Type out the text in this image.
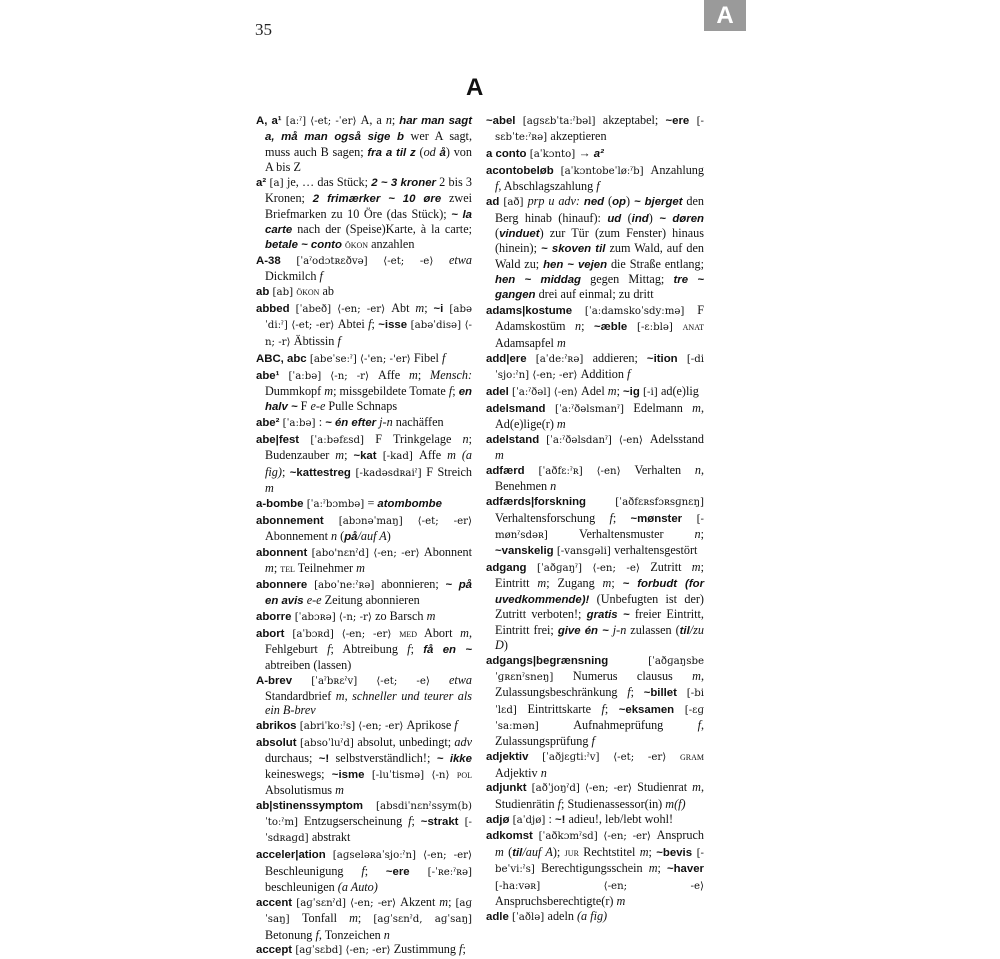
35
A
A

A, a¹ [aːˀ] ⟨-et; -ˈer⟩ A, a n; har man sagt a, må man også sige b wer A sagt, muss auch B sagen; fra a til z (od å) von A bis Z

a² [a] je, … das Stück; 2 ~ 3 kroner 2 bis 3 Kronen; 2 frimærker ~ 10 øre zwei Briefmarken zu 10 Öre (das Stück); ~ la carte nach der (Speise)Karte, à la carte; betale ~ conto ökon anzahlen

A-38 [ˈaˀodɔtʀɛðvə] ⟨-et; -e⟩ etwa Dickmilch f

ab [ab] ökon ab

abbed [ˈabeð] ⟨-en; -er⟩ Abt m; ~i [abəˈdiːˀ] ⟨-et; -er⟩ Abtei f; ~isse [abəˈdisə] ⟨-n; -r⟩ Äbtissin f

ABC, abc [abeˈseːˀ] ⟨-'en; -'er⟩ Fibel f

abe¹ [ˈaːbə] ⟨-n; -r⟩ Affe m; Mensch: Dummkopf m; missgebildete Tomate f; en halv ~ F e-e Pulle Schnaps

abe² [ˈaːbə] : ~ én efter j-n nachäffen

abe|fest [ˈaːbəfɛsd] F Trinkgelage n; Budenzauber m; ~kat [-kad] Affe m (a fig); ~kattestreg [-kadəsdʀaiˀ] F Streich m

a-bombe [ˈaːˀbɔmbə] = atombombe

abonnement [abɔnəˈmaŋ] ⟨-et; -er⟩ Abonnement n (på/auf A)

abonnent [abo'nɛnˀd] ⟨-en; -er⟩ Abonnent m; tel Teilnehmer m

abonnere [aboˈneːˀʀə] abonnieren; ~ på en avis e-e Zeitung abonnieren

aborre [ˈabɔʀə] ⟨-n; -r⟩ zo Barsch m

abort [aˈbɔʀd] ⟨-en; -er⟩ med Abort m, Fehlgeburt f; Abtreibung f; få en ~ abtreiben (lassen)

A-brev [ˈaˀbʀɛˀv] ⟨-et; -e⟩ etwa Standardbrief m, schneller und teurer als ein B-brev

abrikos [abriˈkoːˀs] ⟨-en; -er⟩ Aprikose f

absolut [absoˈluˀd] absolut, unbedingt; adv durchaus; ~! selbstverständlich!; ~ ikke keineswegs; ~isme [-luˈtismə] ⟨-n⟩ pol Absolutismus m

ab|stinenssymptom [absdiˈnɛnˀssym(b)ˈtoːˀm] Entzugserscheinung f; ~strakt [-ˈsdʀaɡd] abstrakt

acceler|ation [aɡseləʀaˈsjoːˀn] ⟨-en; -er⟩ Beschleunigung f; ~ere [-ˈʀeːˀʀə] beschleunigen (a Auto)

accent [aɡˈsɛnˀd] ⟨-en; -er⟩ Akzent m; [aɡˈsaŋ] Tonfall m; [aɡˈsɛnˀd, aɡˈsaŋ] Betonung f, Tonzeichen n

accept [aɡˈsɛbd] ⟨-en; -er⟩ Zustimmung f;

~abel [aɡsɛbˈtaːˀbəl] akzeptabel; ~ere [-sɛbˈteːˀʀə] akzeptieren

a conto [aˈkɔnto] → a²

acontobeløb [aˈkɔntobeˈløːˀb] Anzahlung f, Abschlagszahlung f

ad [að] prp u adv: ned (op) ~ bjerget den Berg hinab (hinauf): ud (ind) ~ døren (vinduet) zur Tür (zum Fenster) hinaus (hinein); ~ skoven til zum Wald, auf den Wald zu; hen ~ vejen die Straße entlang; hen ~ middag gegen Mittag; tre ~ gangen drei auf einmal; zu dritt

adams|kostume [ˈaːdamskoˈsdyːmə] F Adamskostüm n; ~æble [-ɛːblə] anat Adamsapfel m

add|ere [aˈdeːˀʀə] addieren; ~ition [-diˈsjoːˀn] ⟨-en; -er⟩ Addition f

adel [ˈaːˀðəl] ⟨-en⟩ Adel m; ~ig [-i] ad(e)lig

adelsmand [ˈaːˀðəlsmanˀ] Edelmann m, Ad(e)lige(r) m

adelstand [ˈaːˀðəlsdanˀ] ⟨-en⟩ Adelsstand m

adfærd [ˈaðfɛːˀʀ] ⟨-en⟩ Verhalten n, Benehmen n

adfærds|forskning [ˈaðfɛʀsfɔʀsɡnɛŋ] Verhaltensforschung f; ~mønster [-mønˀsdəʀ] Verhaltensmuster n; ~vanskelig [-vansɡəli] verhaltensgestört

adgang [ˈaðɡaŋˀ] ⟨-en; -e⟩ Zutritt m; Eintritt m; Zugang m; ~ forbudt (for uvedkommende)! (Unbefugten ist der) Zutritt verboten!; gratis ~ freier Eintritt, Eintritt frei; give én ~ j-n zulassen (til/zu D)

adgangs|begrænsning [ˈaðɡaŋsbeˈɡʀɛnˀsneŋ] Numerus clausus m, Zulassungsbeschränkung f; ~billet [-biˈlɛd] Eintrittskarte f; ~eksamen [-ɛɡˈsaːmən] Aufnahmeprüfung f, Zulassungsprüfung f

adjektiv [ˈaðjɛɡtiːˀv] ⟨-et; -er⟩ gram Adjektiv n

adjunkt [aðˈjoŋˀd] ⟨-en; -er⟩ Studienrat m, Studienrätin f; Studienassessor(in) m(f)

adjø [aˈdjø] : ~! adieu!, leb/lebt wohl!

adkomst [ˈaðkɔmˀsd] ⟨-en; -er⟩ Anspruch m (til/auf A); jur Rechtstitel m; ~bevis [-beˈviːˀs] Berechtigungsschein m; ~haver [-haːvəʀ] ⟨-en; -e⟩ Anspruchsberechtigte(r) m

adle [ˈaðlə] adeln (a fig)
